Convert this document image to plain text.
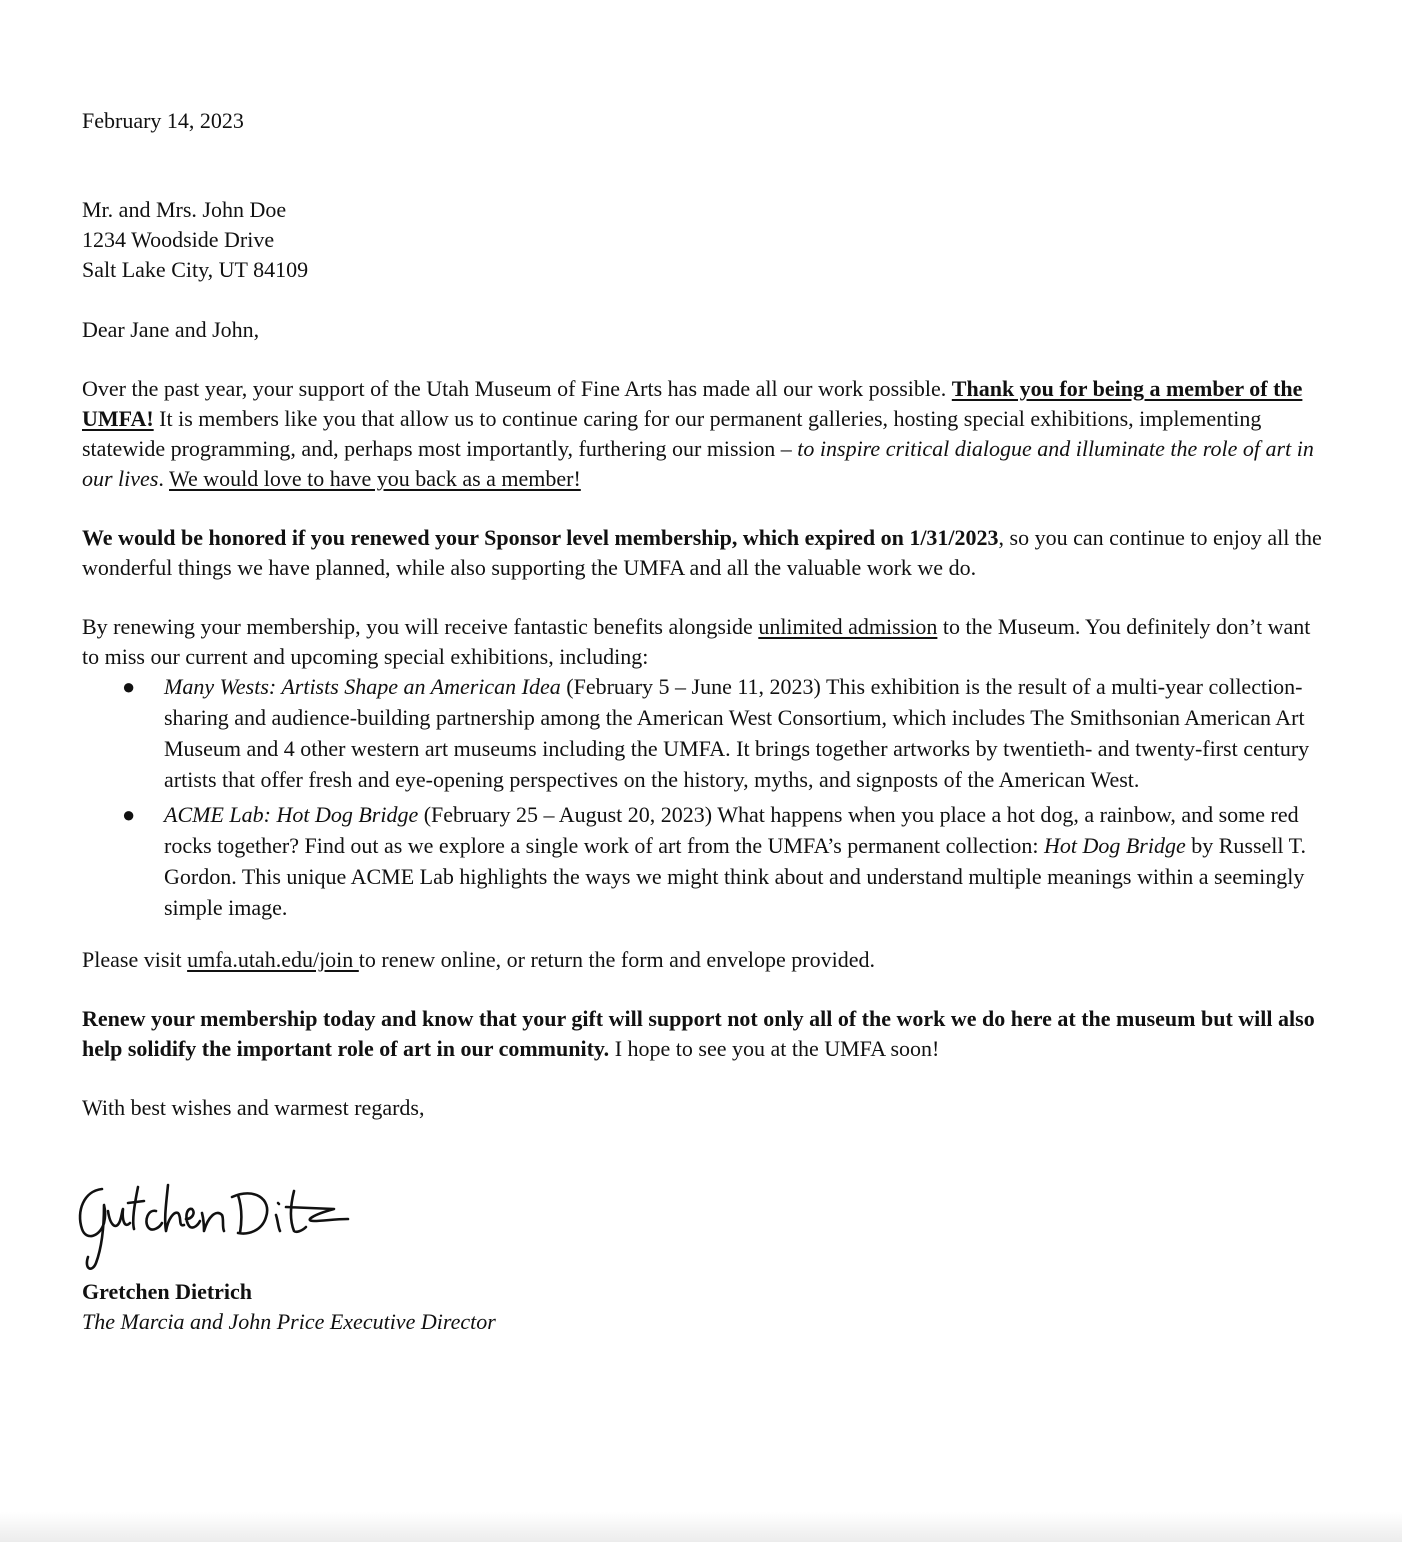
February 14, 2023
Mr. and Mrs. John Doe
1234 Woodside Drive
Salt Lake City, UT 84109
Dear Jane and John,
Over the past year, your support of the Utah Museum of Fine Arts has made all our work possible. Thank you for being a member of the UMFA! It is members like you that allow us to continue caring for our permanent galleries, hosting special exhibitions, implementing statewide programming, and, perhaps most importantly, furthering our mission – to inspire critical dialogue and illuminate the role of art in our lives. We would love to have you back as a member!
We would be honored if you renewed your Sponsor level membership, which expired on 1/31/2023, so you can continue to enjoy all the wonderful things we have planned, while also supporting the UMFA and all the valuable work we do.
By renewing your membership, you will receive fantastic benefits alongside unlimited admission to the Museum. You definitely don’t want to miss our current and upcoming special exhibitions, including:
● Many Wests: Artists Shape an American Idea (February 5 – June 11, 2023) This exhibition is the result of a multi-year collection-sharing and audience-building partnership among the American West Consortium, which includes The Smithsonian American Art Museum and 4 other western art museums including the UMFA. It brings together artworks by twentieth- and twenty-first century artists that offer fresh and eye-opening perspectives on the history, myths, and signposts of the American West.
● ACME Lab: Hot Dog Bridge (February 25 – August 20, 2023) What happens when you place a hot dog, a rainbow, and some red rocks together? Find out as we explore a single work of art from the UMFA’s permanent collection: Hot Dog Bridge by Russell T. Gordon. This unique ACME Lab highlights the ways we might think about and understand multiple meanings within a seemingly simple image.
Please visit umfa.utah.edu/join to renew online, or return the form and envelope provided.
Renew your membership today and know that your gift will support not only all of the work we do here at the museum but will also help solidify the important role of art in our community. I hope to see you at the UMFA soon!
With best wishes and warmest regards,
Gretchen Dietrich
The Marcia and John Price Executive Director
